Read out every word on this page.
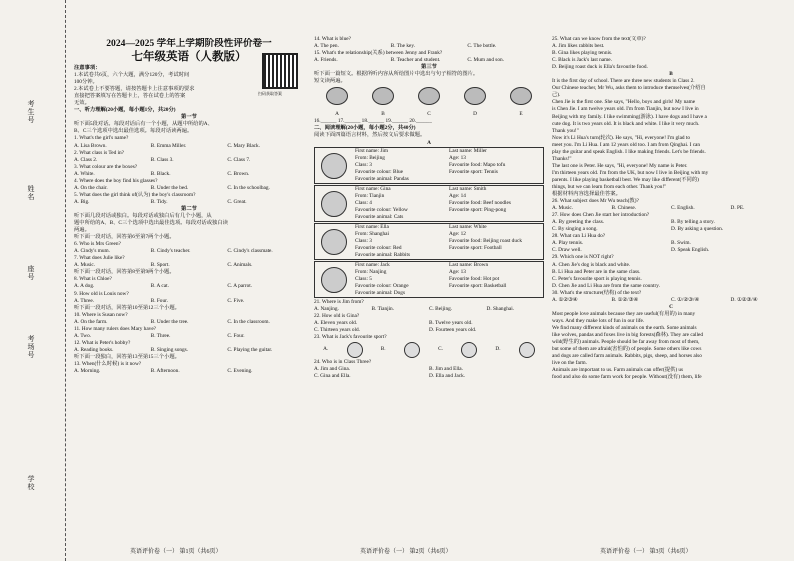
考生号
姓名
座号
考场号
学校
2024—2025 学年上学期阶段性评价卷一
七年级英语（人教版）
注意事项：
1.本试卷共6页，六个大题，满分120分，考试时间
100分钟。
2.本试卷上不要答题，请按答题卡上注意事项的要求
直接把答案填写在答题卡上，答在试卷上的答案
无效。
一、听力理解(20小题，每小题1分，共20分)
第一节
听下面5段对话。每段对话后有一个小题，从题中所给的A、
B、C三个选项中选出最佳选项。每段对话读两遍。
1. What's the girl's name?
A. Lisa Brown.	B. Emma Miller.	C. Mary Black.
2. What class is Ted in?
A. Class 2.	B. Class 3.	C. Class 7.
3. What colour are the boxes?
A. White.	B. Black.	C. Brown.
4. Where does the boy find his glasses?
A. On the chair.	B. Under the bed.	C. In the schoolbag.
5. What does the girl think of(认为) the boy's classroom?
A. Big.	B. Tidy.	C. Great.
第二节
听下面几段对话或独白。每段对话或独白后有几个小题，从
题中所给的A、B、C三个选项中选出最佳选项。每段对话或独白读
两遍。
听下面一段对话，回答第6至第7两个小题。
6. Who is Mrs Green?
A. Cindy's mum.	B. Cindy's teacher.	C. Cindy's classmate.
7. What does Julie like?
A. Music.	B. Sport.	C. Animals.
听下面一段对话，回答第8至第9两个小题。
8. What is Chloe?
A. A dog.	B. A cat.	C. A parrot.
9. How old is Louis now?
A. Three.	B. Four.	C. Five.
听下面一段对话，回答第10至第12三个小题。
10. Where is Susan now?
A. On the farm.	B. Under the tree.	C. In the classroom.
11. How many rulers does Mary have?
A. Two.	B. Three.	C. Four.
12. What is Peter's hobby?
A. Reading books.	B. Singing songs.	C. Playing the guitar.
听下面一段独白，回答第13至第15三个小题。
13. When(什么时候) is it now?
A. Morning.	B. Afternoon.	C. Evening.
扫码获取答案
英语评价卷（一） 第1页（共6页）
14. What is blue?
A. The pen.	B. The key.	C. The bottle.
15. What's the relationship(关系) between Jenny and Frank?
A. Friends.	B. Teacher and student.	C. Mum and son.
第三节
听下面一篇短文。根据所听内容从所给图片中选出与句子相符的图片。
短文读两遍。
A	B	C	D	E
16.______ 17.______ 18.______ 19.______ 20.______
二、阅读理解(20小题，每小题2分，共40分)
阅读下面四篇语言材料，然后按文后要求做题。
A
First name: Jim	Last name: Miller
From: Beijing	Age: 13
Class: 3	Favourite food: Mapo tofu
Favourite colour: Blue	Favourite sport: Tennis
Favourite animal: Pandas
First name: Gina	Last name: Smith
From: Tianjin	Age: 14
Class: 4	Favourite food: Beef noodles
Favourite colour: Yellow	Favourite sport: Ping-pong
Favourite animal: Cats
First name: Ella	Last name: White
From: Shanghai	Age: 12
Class: 3	Favourite food: Beijing roast duck
Favourite colour: Red	Favourite sport: Football
Favourite animal: Rabbits
First name: Jack	Last name: Brown
From: Nanjing	Age: 13
Class: 5	Favourite food: Hot pot
Favourite colour: Orange	Favourite sport: Basketball
Favourite animal: Dogs
21. Where is Jim from?
A. Nanjing.	B. Tianjin.	C. Beijing.	D. Shanghai.
22. How old is Gina?
A. Eleven years old.	B. Twelve years old.
C. Thirteen years old.	D. Fourteen years old.
23. What is Jack's favourite sport?
A.	B.	C.	D.
24. Who is in Class Three?
A. Jim and Gina.	B. Jim and Ella.
C. Gina and Ella.	D. Ella and Jack.
英语评价卷（一） 第2页（共6页）
25. What can we know from the text(文章)?
A. Jim likes rabbits best.
B. Gina likes playing tennis.
C. Black is Jack's last name.
D. Beijing roast duck is Ella's favourite food.
B
It is the first day of school. There are three new students in Class 2.
Our Chinese teacher, Mr Wu, asks them to introduce themselves(介绍自
己).
Chen Jie is the first one. She says, "Hello, boys and girls! My name
is Chen Jie. I am twelve years old. I'm from Tianjin, but now I live in
Beijing with my family. I like swimming(游泳). I have dogs and I have a
cute dog. It is two years old. It is black and white. I like it very much.
Thank you!"
Now it's Li Hua's turn(轮次). He says, "Hi, everyone! I'm glad to
meet you. I'm Li Hua. I am 12 years old too. I am from Qinghai. I can
play the guitar and speak English. I like making friends. Let's be friends.
Thanks!"
The last one is Peter. He says, "Hi, everyone! My name is Peter.
I'm thirteen years old. I'm from the UK, but now I live in Beijing with my
parents. I like playing basketball best. We may like different(不同的)
things, but we can learn from each other. Thank you!"
根据材料内容选择最佳答案。
26. What subject does Mr Wu teach(教)?
A. Music.	B. Chinese.	C. English.	D. PE.
27. How does Chen Jie start her introduction?
A. By greeting the class.	B. By telling a story.
C. By singing a song.	D. By asking a question.
28. What can Li Hua do?
A. Play tennis.	B. Swim.
C. Draw well.	D. Speak English.
29. Which one is NOT right?
A. Chen Jie's dog is black and white.
B. Li Hua and Peter are in the same class.
C. Peter's favourite sport is playing tennis.
D. Chen Jie and Li Hua are from the same country.
30. What's the structure(结构) of the text?
A. ①②③④	B. ①②/③④	C. ①/②③/④	D. ①②③/④
C
Most people love animals because they are useful(有用的) in many
ways. And they make lots of fun in our life.
We find many different kinds of animals on the earth. Some animals
like wolves, pandas and foxes live in big forests(森林). They are called
wild(野生的) animals. People should be far away from most of them,
but some of them are afraid(害怕的) of people. Some others like cows
and dogs are called farm animals. Rabbits, pigs, sheep, and horses also
live on the farm.
Animals are important to us. Farm animals can offer(提供) us
food and also do some farm work for people. Without(没有) them, life
英语评价卷（一） 第3页（共6页）
